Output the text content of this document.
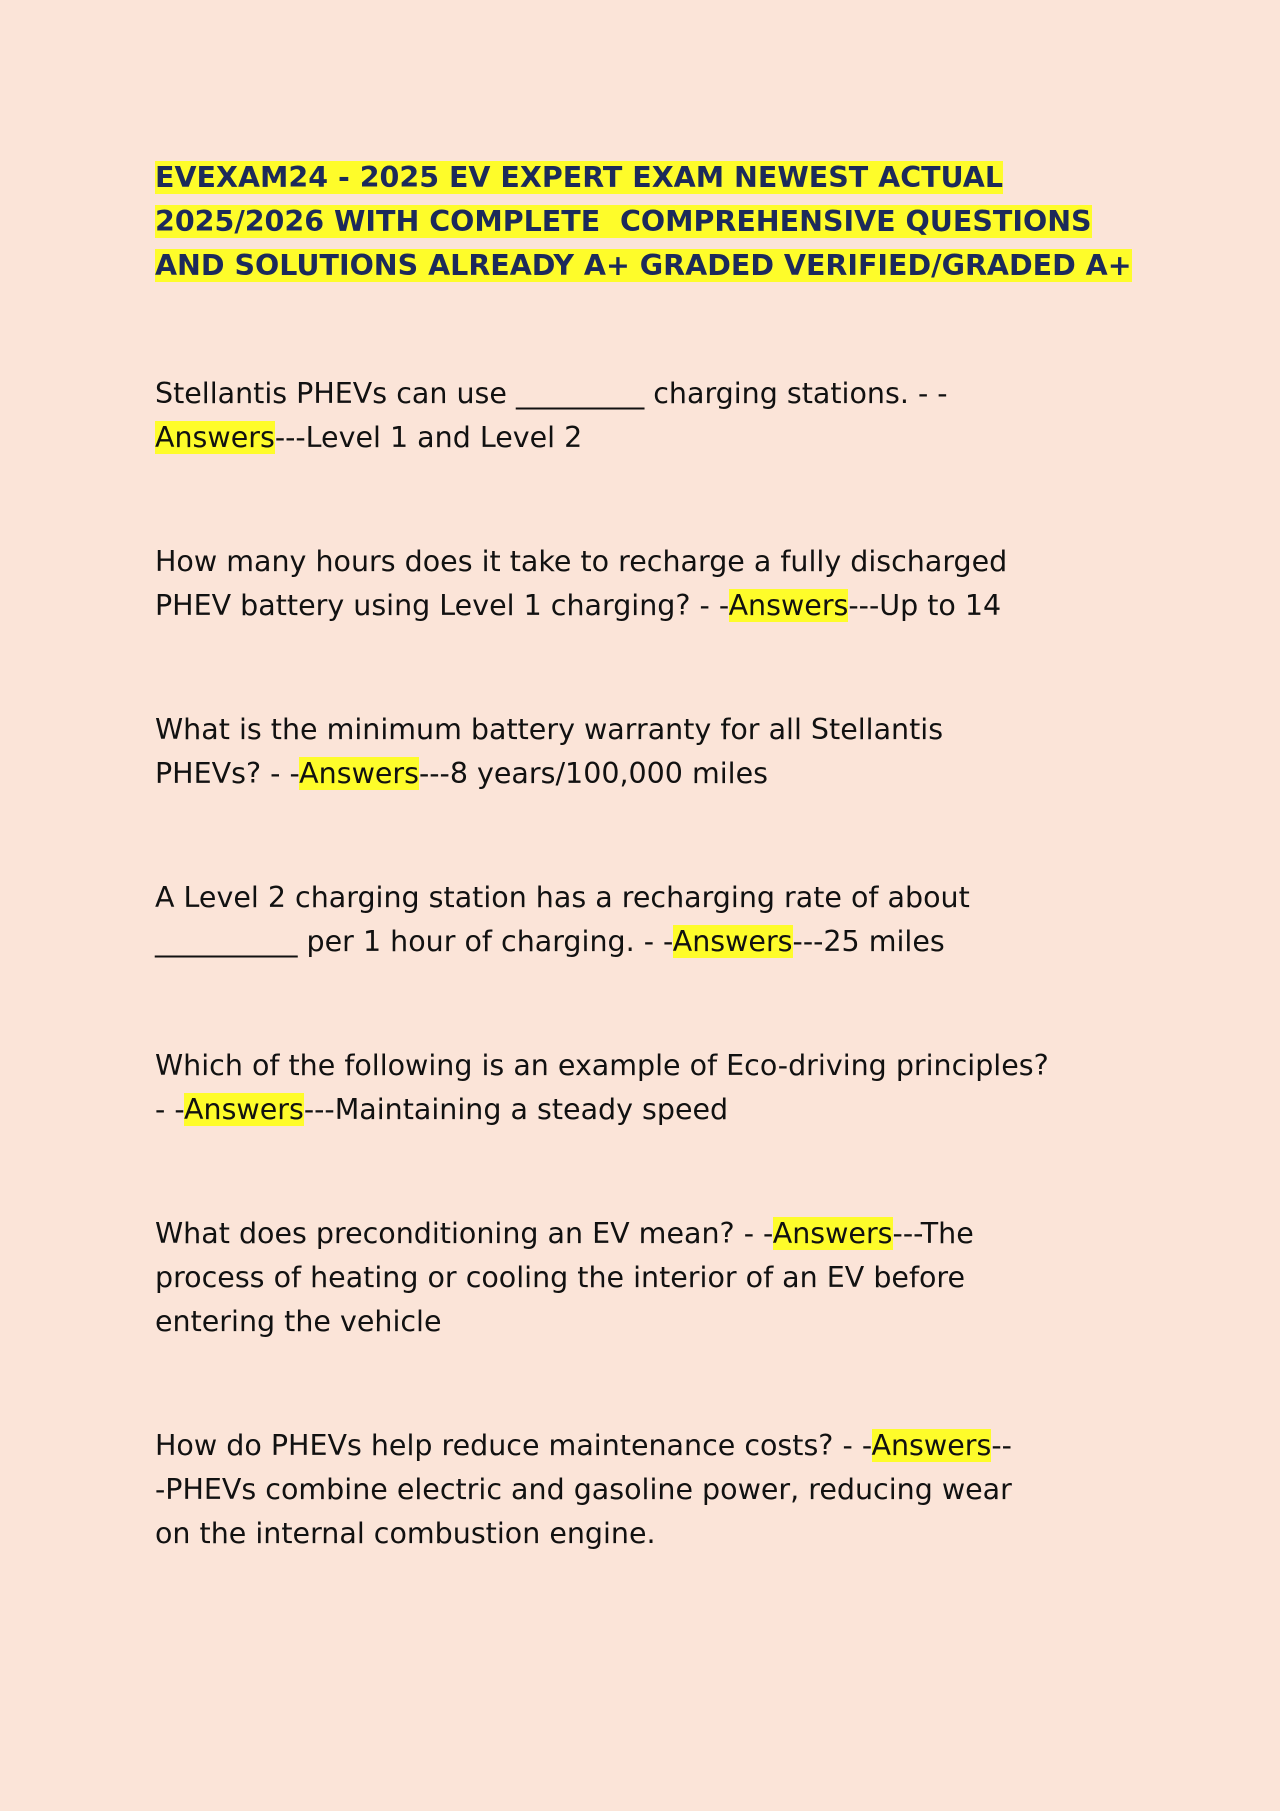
EVEXAM24 - 2025 EV EXPERT EXAM NEWEST ACTUAL
2025/2026 WITH COMPLETE  COMPREHENSIVE QUESTIONS
AND SOLUTIONS ALREADY A+ GRADED VERIFIED/GRADED A+

Stellantis PHEVs can use _________ charging stations. - -
Answers---Level 1 and Level 2

How many hours does it take to recharge a fully discharged
PHEV battery using Level 1 charging? - -Answers---Up to 14

What is the minimum battery warranty for all Stellantis
PHEVs? - -Answers---8 years/100,000 miles

A Level 2 charging station has a recharging rate of about
__________ per 1 hour of charging. - -Answers---25 miles

Which of the following is an example of Eco-driving principles?
- -Answers---Maintaining a steady speed

What does preconditioning an EV mean? - -Answers---The
process of heating or cooling the interior of an EV before
entering the vehicle

How do PHEVs help reduce maintenance costs? - -Answers--
-PHEVs combine electric and gasoline power, reducing wear
on the internal combustion engine.
